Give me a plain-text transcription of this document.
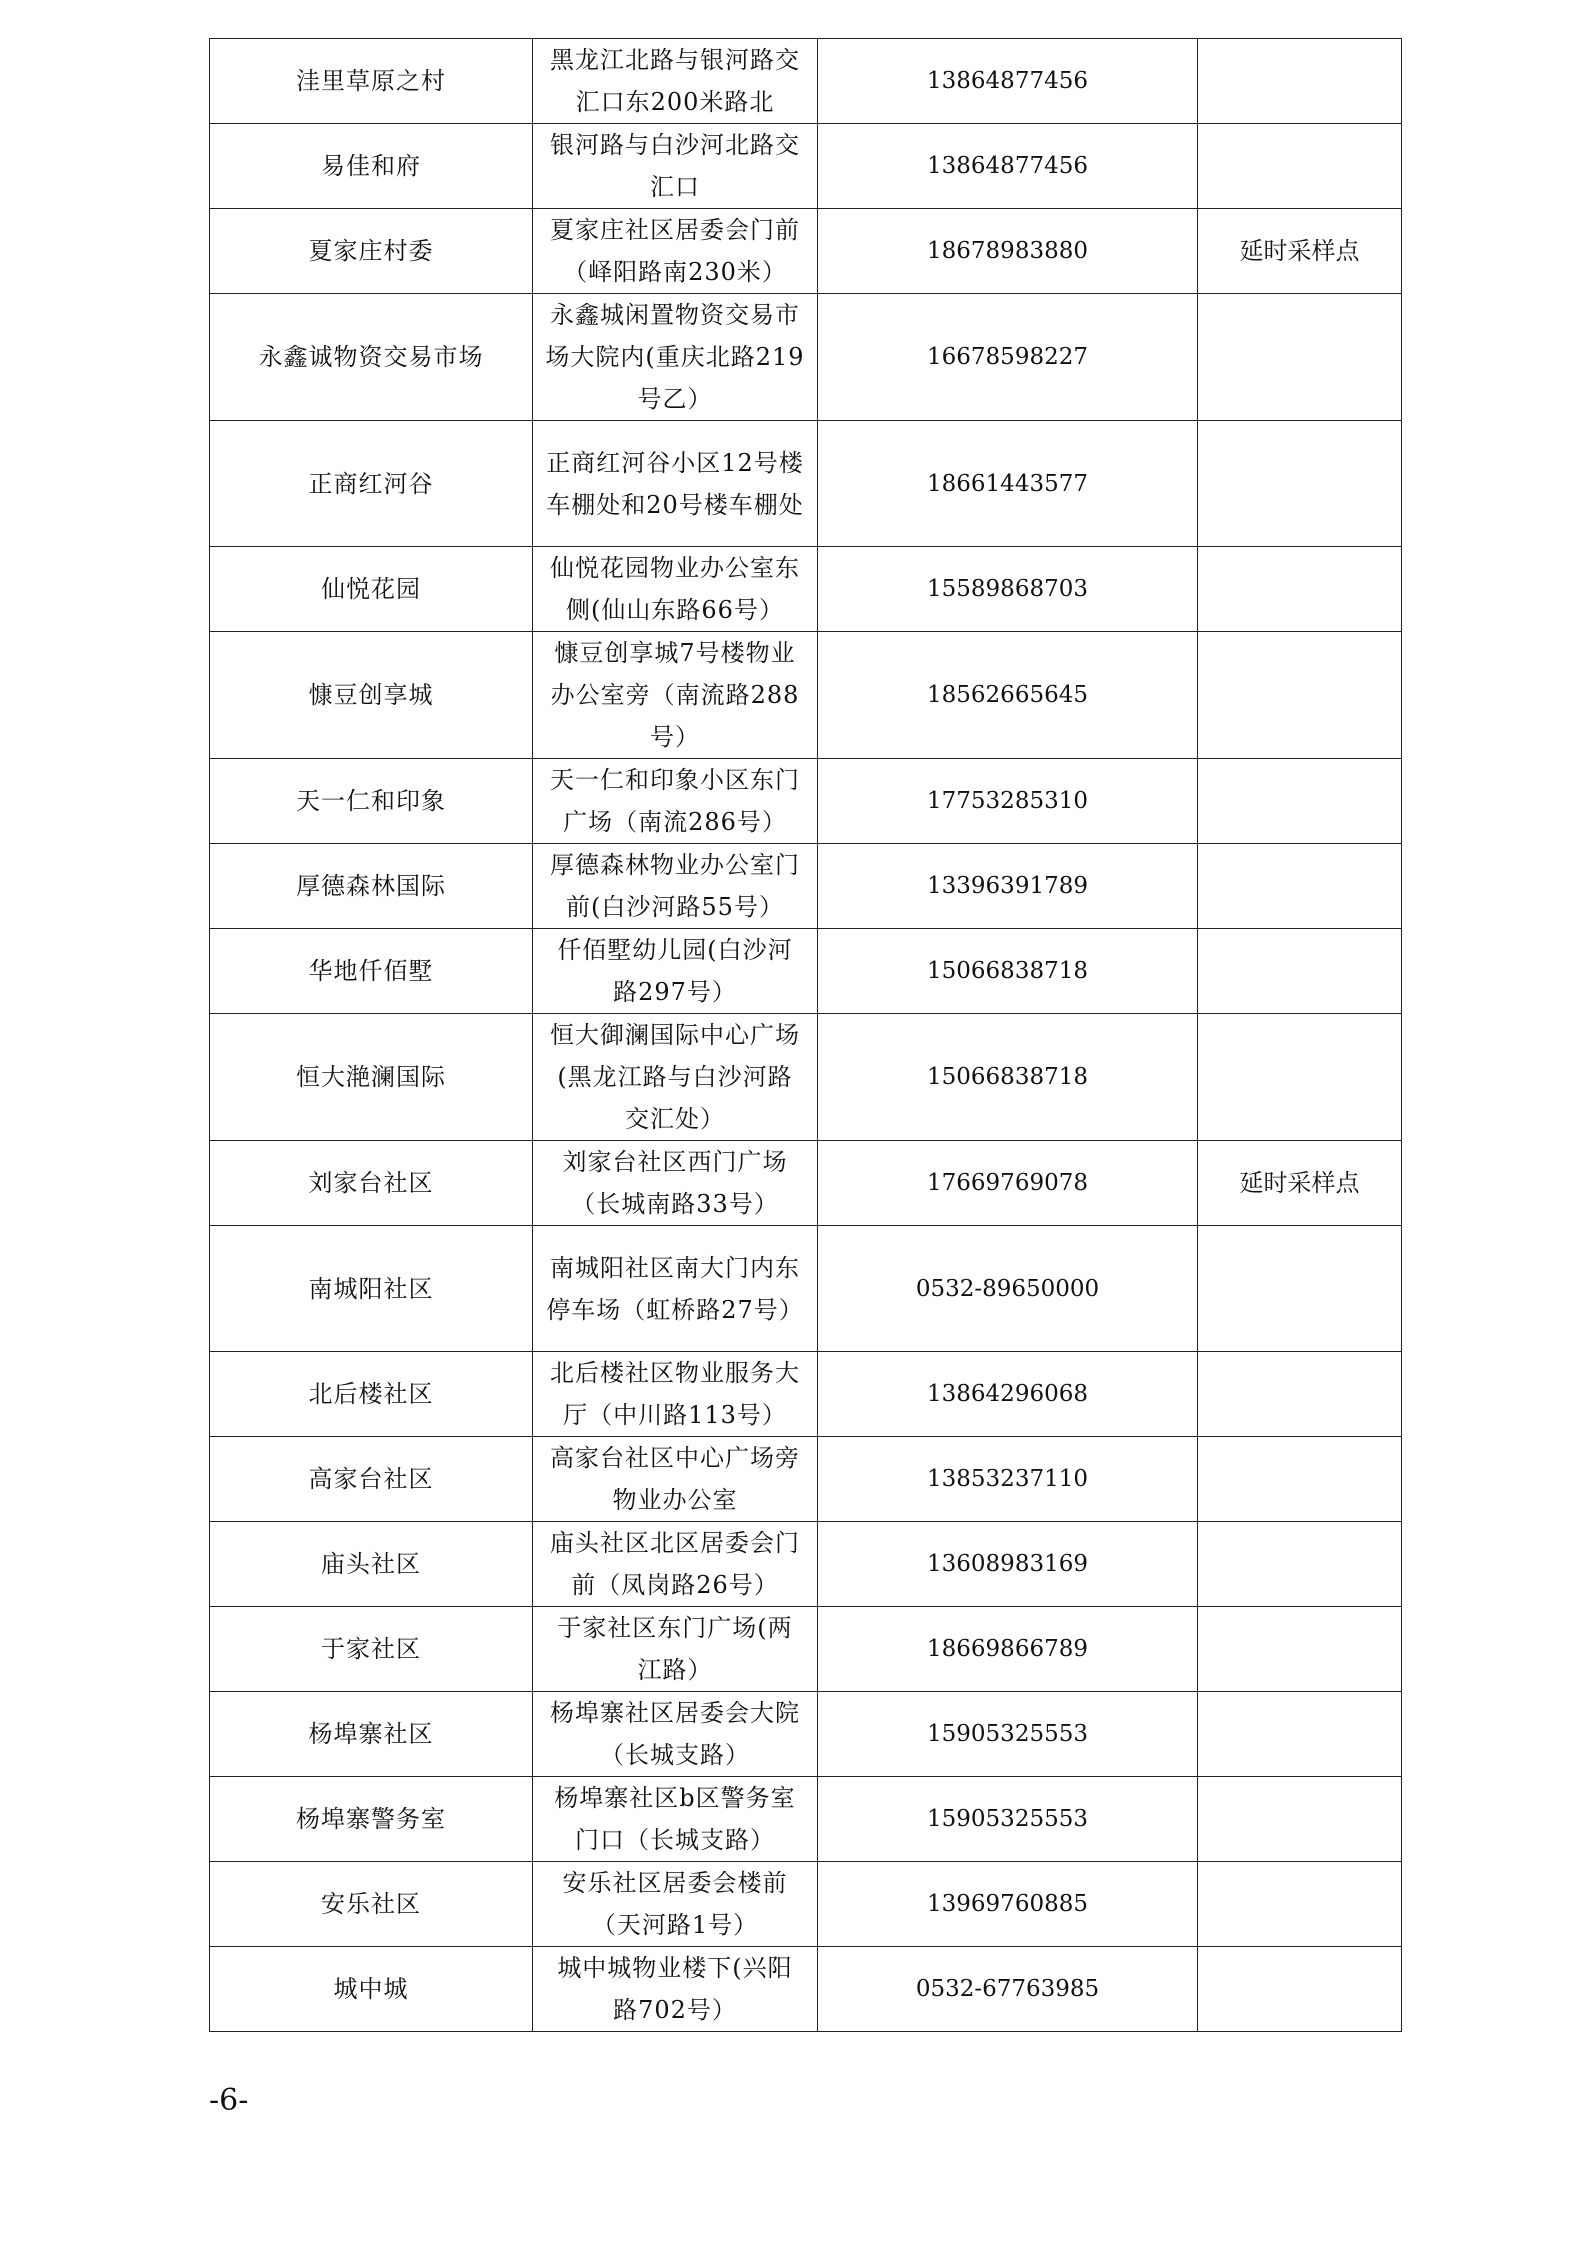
洼里草原之村	黑龙江北路与银河路交汇口东200米路北	13864877456	
易佳和府	银河路与白沙河北路交汇口	13864877456	
夏家庄村委	夏家庄社区居委会门前（峄阳路南230米）	18678983880	延时采样点
永鑫诚物资交易市场	永鑫城闲置物资交易市场大院内(重庆北路219号乙）	16678598227	
正商红河谷	正商红河谷小区12号楼车棚处和20号楼车棚处	18661443577	
仙悦花园	仙悦花园物业办公室东侧(仙山东路66号）	15589868703	
慷豆创享城	慷豆创享城7号楼物业办公室旁（南流路288号）	18562665645	
天一仁和印象	天一仁和印象小区东门广场（南流286号）	17753285310	
厚德森林国际	厚德森林物业办公室门前(白沙河路55号）	13396391789	
华地仟佰墅	仟佰墅幼儿园(白沙河路297号）	15066838718	
恒大滟澜国际	恒大御澜国际中心广场(黑龙江路与白沙河路交汇处）	15066838718	
刘家台社区	刘家台社区西门广场（长城南路33号）	17669769078	延时采样点
南城阳社区	南城阳社区南大门内东停车场（虹桥路27号）	0532-89650000	
北后楼社区	北后楼社区物业服务大厅（中川路113号）	13864296068	
高家台社区	高家台社区中心广场旁物业办公室	13853237110	
庙头社区	庙头社区北区居委会门前（凤岗路26号）	13608983169	
于家社区	于家社区东门广场(两江路）	18669866789	
杨埠寨社区	杨埠寨社区居委会大院（长城支路）	15905325553	
杨埠寨警务室	杨埠寨社区b区警务室门口（长城支路）	15905325553	
安乐社区	安乐社区居委会楼前（天河路1号）	13969760885	
城中城	城中城物业楼下(兴阳路702号）	0532-67763985	
-6-
